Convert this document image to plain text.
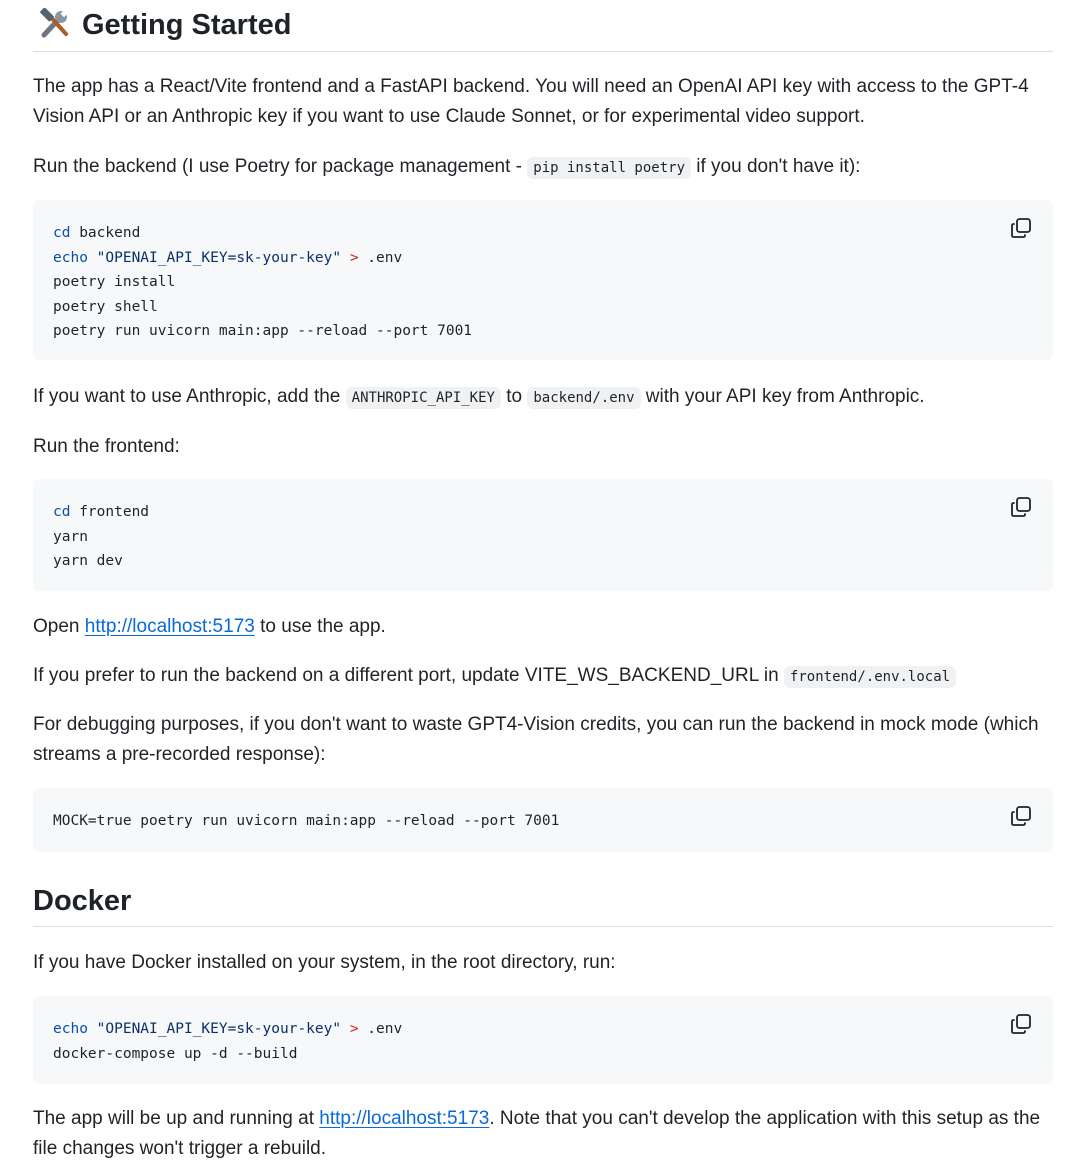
Getting Started

The app has a React/Vite frontend and a FastAPI backend. You will need an OpenAI API key with access to the GPT-4 Vision API or an Anthropic key if you want to use Claude Sonnet, or for experimental video support.

Run the backend (I use Poetry for package management - pip install poetry if you don't have it):

cd backend
echo "OPENAI_API_KEY=sk-your-key" > .env
poetry install
poetry shell
poetry run uvicorn main:app --reload --port 7001

If you want to use Anthropic, add the ANTHROPIC_API_KEY to backend/.env with your API key from Anthropic.

Run the frontend:

cd frontend
yarn
yarn dev

Open http://localhost:5173 to use the app.

If you prefer to run the backend on a different port, update VITE_WS_BACKEND_URL in frontend/.env.local

For debugging purposes, if you don't want to waste GPT4-Vision credits, you can run the backend in mock mode (which streams a pre-recorded response):

MOCK=true poetry run uvicorn main:app --reload --port 7001
Docker

If you have Docker installed on your system, in the root directory, run:

echo "OPENAI_API_KEY=sk-your-key" > .env
docker-compose up -d --build

The app will be up and running at http://localhost:5173. Note that you can't develop the application with this setup as the file changes won't trigger a rebuild.
